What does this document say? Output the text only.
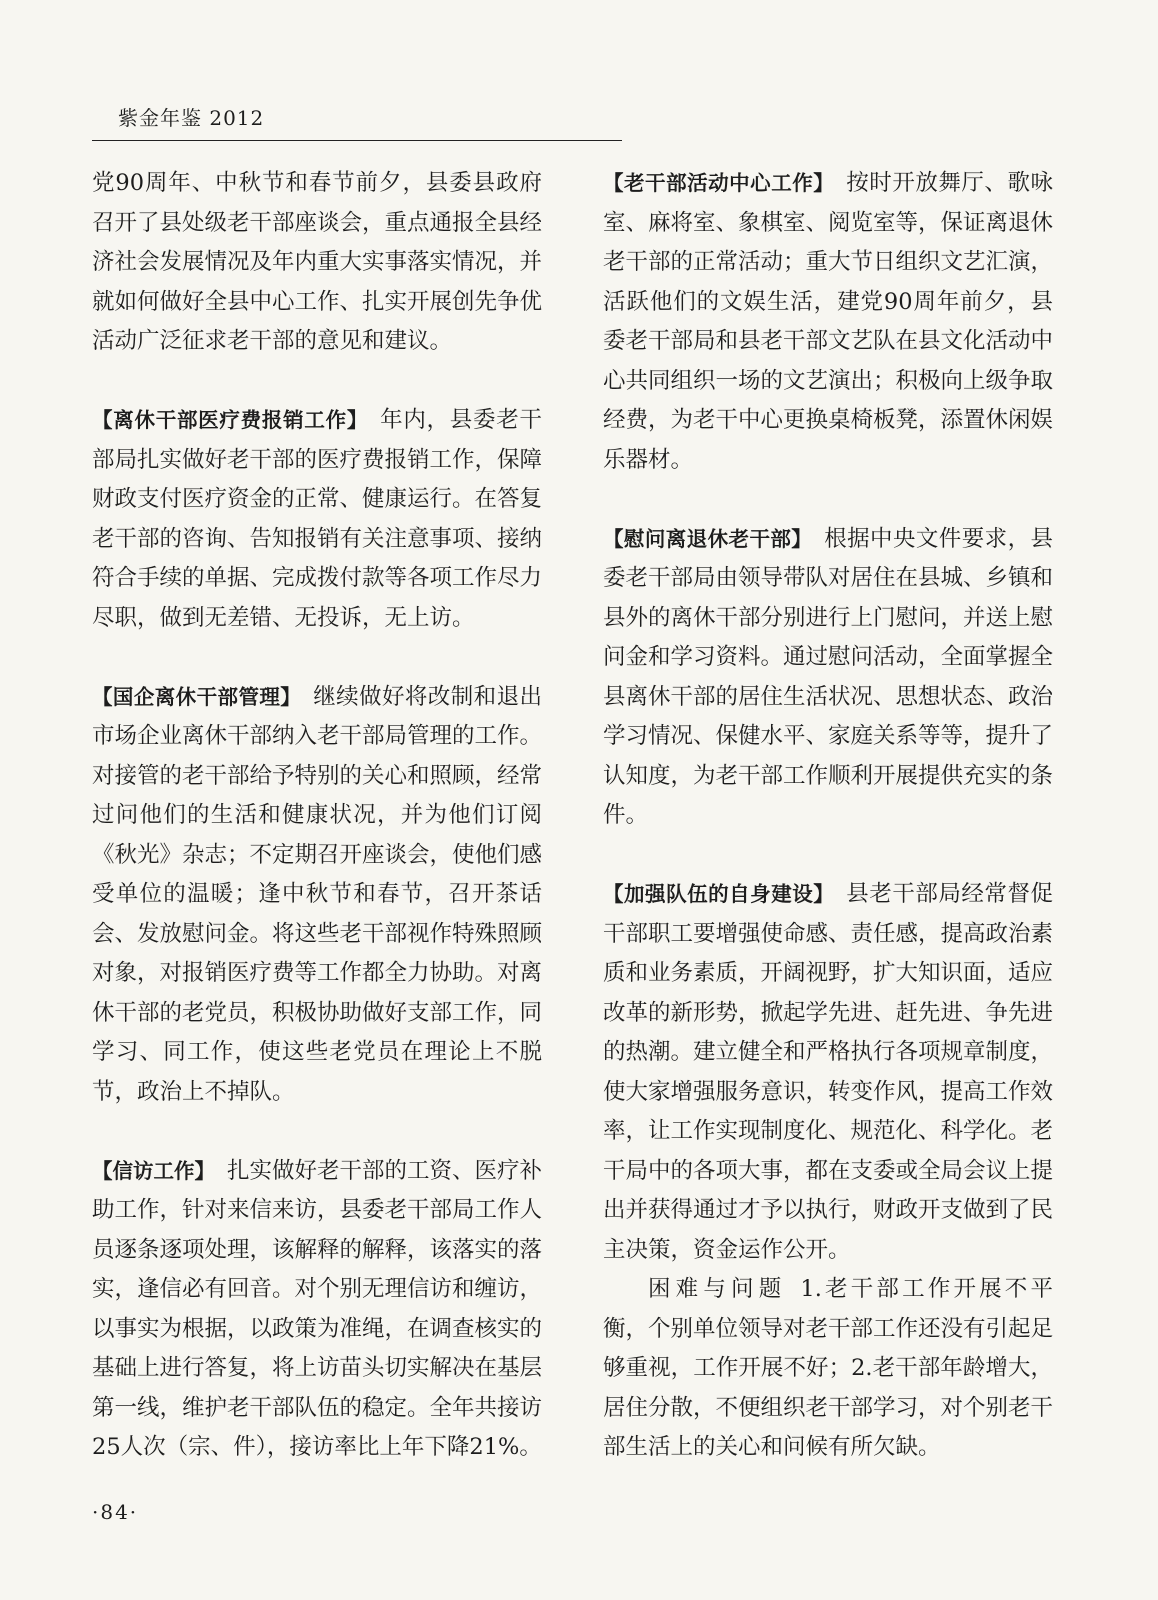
紫金年鉴 2012

党90周年、中秋节和春节前夕，县委县政府召开了县处级老干部座谈会，重点通报全县经济社会发展情况及年内重大实事落实情况，并就如何做好全县中心工作、扎实开展创先争优活动广泛征求老干部的意见和建议。

【离休干部医疗费报销工作】 年内，县委老干部局扎实做好老干部的医疗费报销工作，保障财政支付医疗资金的正常、健康运行。在答复老干部的咨询、告知报销有关注意事项、接纳符合手续的单据、完成拨付款等各项工作尽力尽职，做到无差错、无投诉，无上访。

【国企离休干部管理】 继续做好将改制和退出市场企业离休干部纳入老干部局管理的工作。对接管的老干部给予特别的关心和照顾，经常过问他们的生活和健康状况，并为他们订阅《秋光》杂志；不定期召开座谈会，使他们感受单位的温暖；逢中秋节和春节，召开茶话会、发放慰问金。将这些老干部视作特殊照顾对象，对报销医疗费等工作都全力协助。对离休干部的老党员，积极协助做好支部工作，同学习、同工作，使这些老党员在理论上不脱节，政治上不掉队。

【信访工作】 扎实做好老干部的工资、医疗补助工作，针对来信来访，县委老干部局工作人员逐条逐项处理，该解释的解释，该落实的落实，逢信必有回音。对个别无理信访和缠访，以事实为根据，以政策为准绳，在调查核实的基础上进行答复，将上访苗头切实解决在基层第一线，维护老干部队伍的稳定。全年共接访25人次（宗、件），接访率比上年下降21%。

【老干部活动中心工作】 按时开放舞厅、歌咏室、麻将室、象棋室、阅览室等，保证离退休老干部的正常活动；重大节日组织文艺汇演，活跃他们的文娱生活，建党90周年前夕，县委老干部局和县老干部文艺队在县文化活动中心共同组织一场的文艺演出；积极向上级争取经费，为老干中心更换桌椅板凳，添置休闲娱乐器材。

【慰问离退休老干部】 根据中央文件要求，县委老干部局由领导带队对居住在县城、乡镇和县外的离休干部分别进行上门慰问，并送上慰问金和学习资料。通过慰问活动，全面掌握全县离休干部的居住生活状况、思想状态、政治学习情况、保健水平、家庭关系等等，提升了认知度，为老干部工作顺利开展提供充实的条件。

【加强队伍的自身建设】 县老干部局经常督促干部职工要增强使命感、责任感，提高政治素质和业务素质，开阔视野，扩大知识面，适应改革的新形势，掀起学先进、赶先进、争先进的热潮。建立健全和严格执行各项规章制度，使大家增强服务意识，转变作风，提高工作效率，让工作实现制度化、规范化、科学化。老干局中的各项大事，都在支委或全局会议上提出并获得通过才予以执行，财政开支做到了民主决策，资金运作公开。

困难与问题 1.老干部工作开展不平衡，个别单位领导对老干部工作还没有引起足够重视，工作开展不好；2.老干部年龄增大，居住分散，不便组织老干部学习，对个别老干部生活上的关心和问候有所欠缺。

·84·
